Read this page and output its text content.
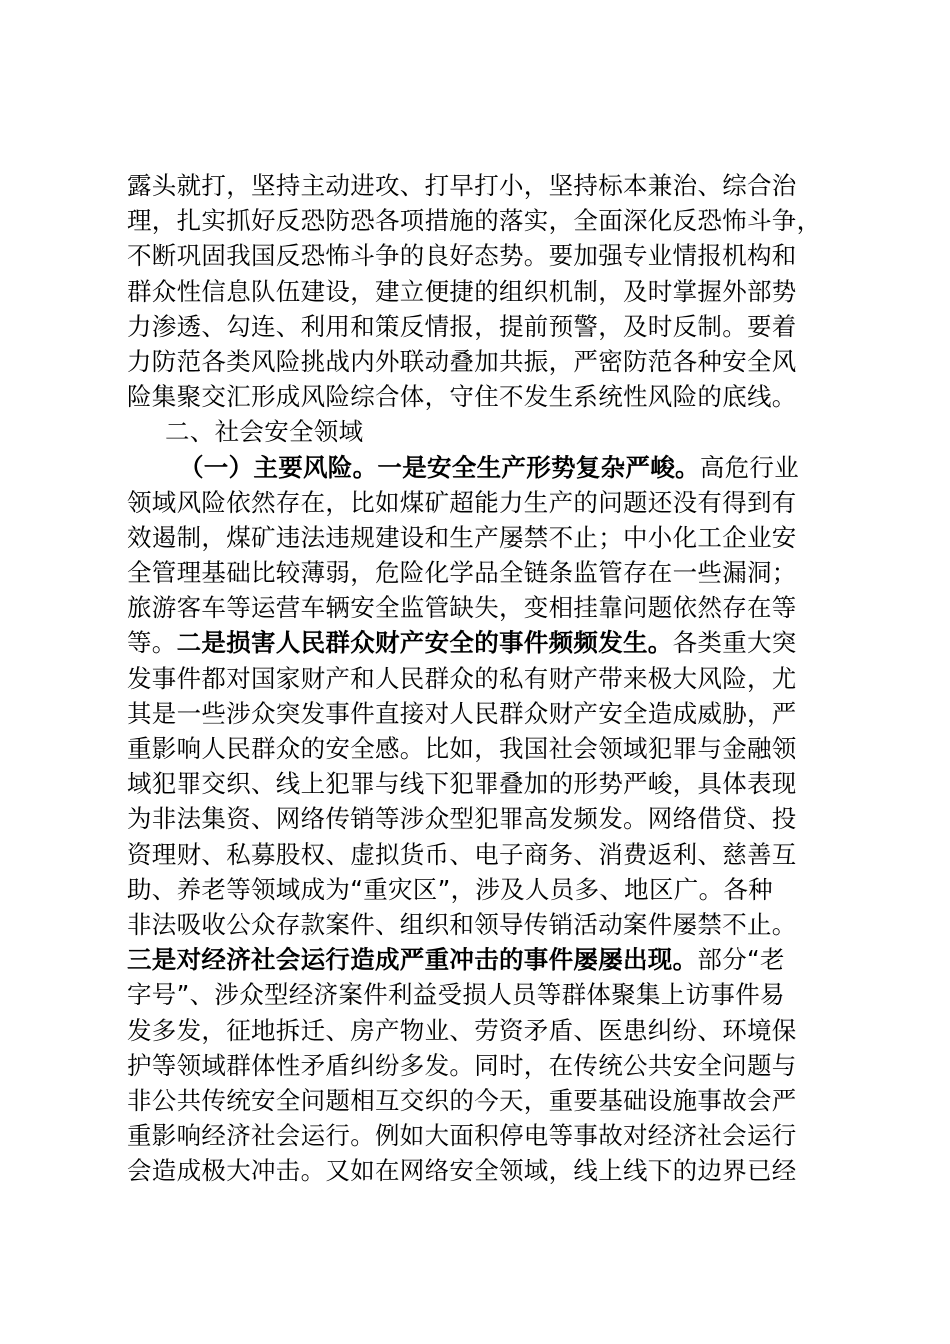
露头就打，坚持主动进攻、打早打小，坚持标本兼治、综合治
理，扎实抓好反恐防恐各项措施的落实，全面深化反恐怖斗争，
不断巩固我国反恐怖斗争的良好态势。要加强专业情报机构和
群众性信息队伍建设，建立便捷的组织机制，及时掌握外部势
力渗透、勾连、利用和策反情报，提前预警，及时反制。要着
力防范各类风险挑战内外联动叠加共振，严密防范各种安全风
险集聚交汇形成风险综合体，守住不发生系统性风险的底线。
二、社会安全领域
（一）主要风险。一是安全生产形势复杂严峻。高危行业
领域风险依然存在，比如煤矿超能力生产的问题还没有得到有
效遏制，煤矿违法违规建设和生产屡禁不止；中小化工企业安
全管理基础比较薄弱，危险化学品全链条监管存在一些漏洞；
旅游客车等运营车辆安全监管缺失，变相挂靠问题依然存在等
等。二是损害人民群众财产安全的事件频频发生。各类重大突
发事件都对国家财产和人民群众的私有财产带来极大风险，尤
其是一些涉众突发事件直接对人民群众财产安全造成威胁，严
重影响人民群众的安全感。比如，我国社会领域犯罪与金融领
域犯罪交织、线上犯罪与线下犯罪叠加的形势严峻，具体表现
为非法集资、网络传销等涉众型犯罪高发频发。网络借贷、投
资理财、私募股权、虚拟货币、电子商务、消费返利、慈善互
助、养老等领域成为“重灾区”，涉及人员多、地区广。各种
非法吸收公众存款案件、组织和领导传销活动案件屡禁不止。
三是对经济社会运行造成严重冲击的事件屡屡出现。部分“老
字号”、涉众型经济案件利益受损人员等群体聚集上访事件易
发多发，征地拆迁、房产物业、劳资矛盾、医患纠纷、环境保
护等领域群体性矛盾纠纷多发。同时，在传统公共安全问题与
非公共传统安全问题相互交织的今天，重要基础设施事故会严
重影响经济社会运行。例如大面积停电等事故对经济社会运行
会造成极大冲击。又如在网络安全领域，线上线下的边界已经
